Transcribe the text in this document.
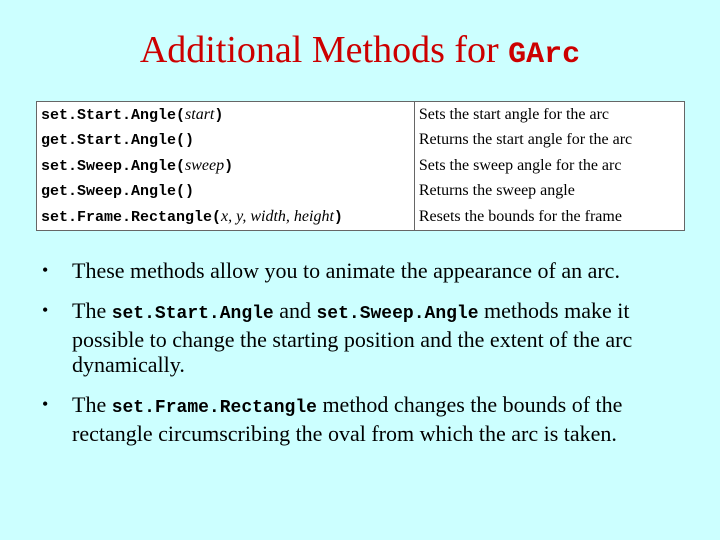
Additional Methods for GArc
set.Start.Angle(start)	Sets the start angle for the arc
get.Start.Angle()	Returns the start angle for the arc
set.Sweep.Angle(sweep)	Sets the sweep angle for the arc
get.Sweep.Angle()	Returns the sweep angle
set.Frame.Rectangle(x, y, width, height)	Resets the bounds for the frame
• These methods allow you to animate the appearance of an arc.
• The set.Start.Angle and set.Sweep.Angle methods make it possible to change the starting position and the extent of the arc dynamically.
• The set.Frame.Rectangle method changes the bounds of the rectangle circumscribing the oval from which the arc is taken.
